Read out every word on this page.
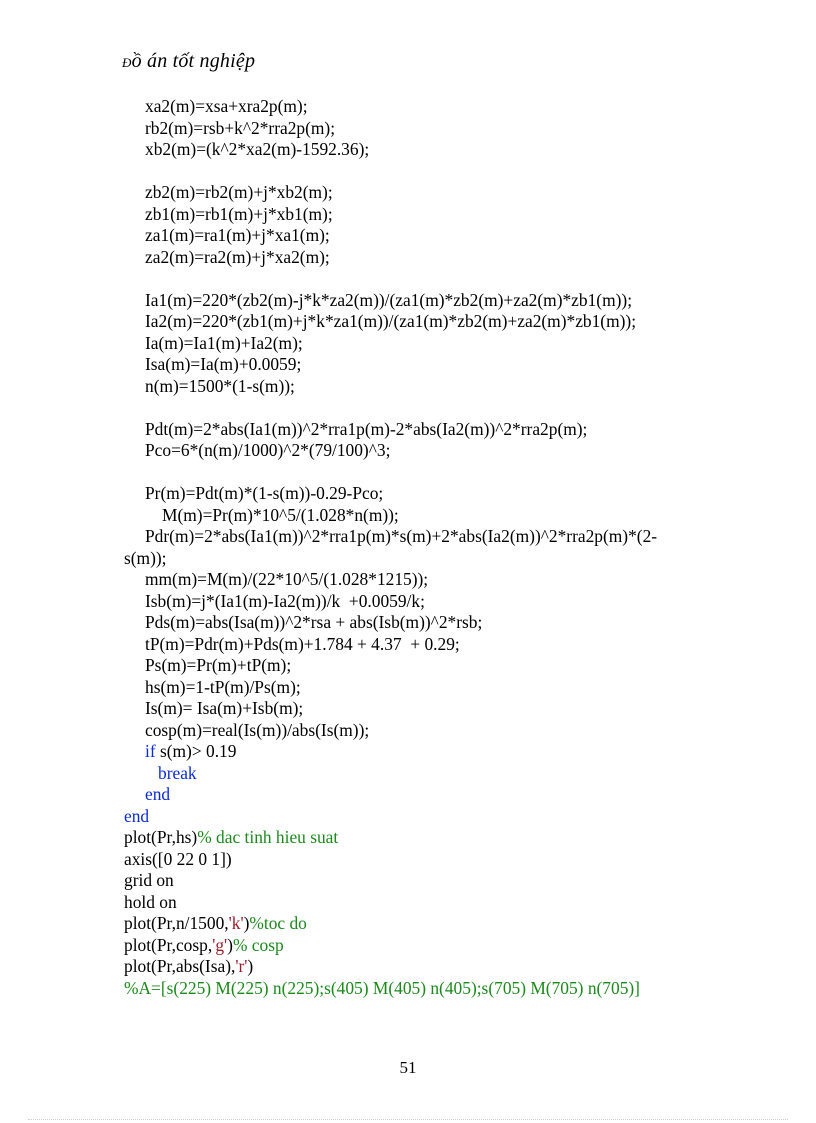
Đồ án tốt nghiệp
xa2(m)=xsa+xra2p(m);
rb2(m)=rsb+k^2*rra2p(m);
xb2(m)=(k^2*xa2(m)-1592.36);
zb2(m)=rb2(m)+j*xb2(m);
zb1(m)=rb1(m)+j*xb1(m);
za1(m)=ra1(m)+j*xa1(m);
za2(m)=ra2(m)+j*xa2(m);
Ia1(m)=220*(zb2(m)-j*k*za2(m))/(za1(m)*zb2(m)+za2(m)*zb1(m));
Ia2(m)=220*(zb1(m)+j*k*za1(m))/(za1(m)*zb2(m)+za2(m)*zb1(m));
Ia(m)=Ia1(m)+Ia2(m);
Isa(m)=Ia(m)+0.0059;
n(m)=1500*(1-s(m));
Pdt(m)=2*abs(Ia1(m))^2*rra1p(m)-2*abs(Ia2(m))^2*rra2p(m);
Pco=6*(n(m)/1000)^2*(79/100)^3;
Pr(m)=Pdt(m)*(1-s(m))-0.29-Pco;
M(m)=Pr(m)*10^5/(1.028*n(m));
Pdr(m)=2*abs(Ia1(m))^2*rra1p(m)*s(m)+2*abs(Ia2(m))^2*rra2p(m)*(2-
s(m));
mm(m)=M(m)/(22*10^5/(1.028*1215));
Isb(m)=j*(Ia1(m)-Ia2(m))/k  +0.0059/k;
Pds(m)=abs(Isa(m))^2*rsa + abs(Isb(m))^2*rsb;
tP(m)=Pdr(m)+Pds(m)+1.784 + 4.37  + 0.29;
Ps(m)=Pr(m)+tP(m);
hs(m)=1-tP(m)/Ps(m);
Is(m)= Isa(m)+Isb(m);
cosp(m)=real(Is(m))/abs(Is(m));
if s(m)> 0.19
break
end
end
plot(Pr,hs)% dac tinh hieu suat
axis([0 22 0 1])
grid on
hold on
plot(Pr,n/1500,'k')%toc do
plot(Pr,cosp,'g')% cosp
plot(Pr,abs(Isa),'r')
%A=[s(225) M(225) n(225);s(405) M(405) n(405);s(705) M(705) n(705)]
51
